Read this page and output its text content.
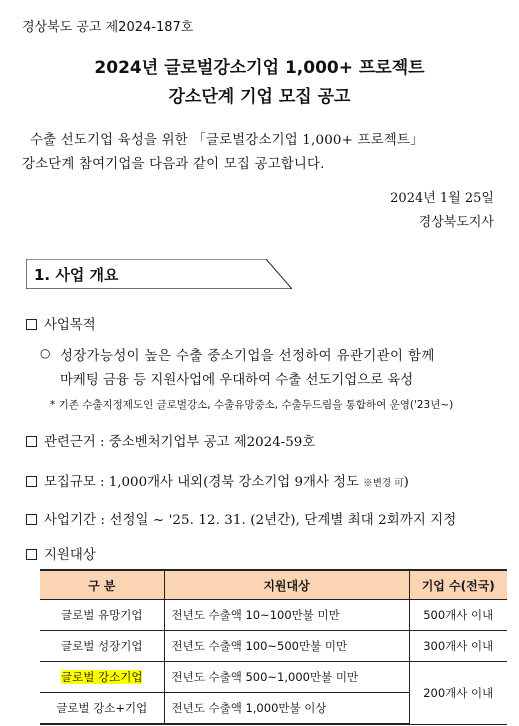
경상북도 공고 제2024-187호
2024년 글로벌강소기업 1,000+ 프로젝트
강소단계 기업 모집 공고
수출 선도기업 육성을 위한 「글로벌강소기업 1,000+ 프로젝트」
강소단계 참여기업을 다음과 같이 모집 공고합니다.
2024년 1월 25일
경상북도지사
1. 사업 개요
사업목적
○ 성장가능성이 높은 수출 중소기업을 선정하여 유관기관이 함께
마케팅 금융 등 지원사업에 우대하여 수출 선도기업으로 육성
* 기존 수출지정제도인 글로벌강소, 수출유망중소, 수출두드림을 통합하여 운영('23년~)
관련근거 : 중소벤처기업부 공고 제2024-59호
모집규모 : 1,000개사 내외(경북 강소기업 9개사 정도 ※변경 可)
사업기간 : 선정일 ~ '25. 12. 31. (2년간), 단계별 최대 2회까지 지정
지원대상
구 분	지원대상	기업 수(전국)
글로벌 유망기업	전년도 수출액 10~100만불 미만	500개사 이내
글로벌 성장기업	전년도 수출액 100~500만불 미만	300개사 이내
글로벌 강소기업	전년도 수출액 500~1,000만불 미만	200개사 이내
글로벌 강소+기업	전년도 수출액 1,000만불 이상	
